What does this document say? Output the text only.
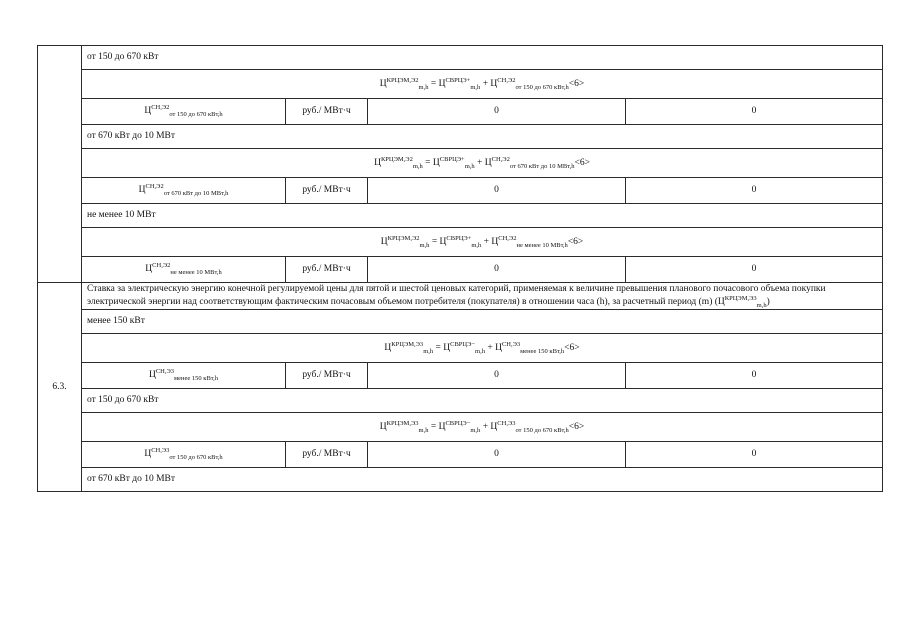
	от 150 до 670 кВт			
	$Ц^{КРЦЭМ,Э2}_{m,h} = Ц^{СВРЦЭ+}_{m,h} + Ц^{СН,Э2}_{от 150 до 670 кВт,h}<6>$			
	$Ц^{СН,Э2}_{от 150 до 670 кВт,h}$	руб./ МВт·ч	0	0
	от 670 кВт до 10 МВт			
	$Ц^{КРЦЭМ,Э2}_{m,h} = Ц^{СВРЦЭ+}_{m,h} + Ц^{СН,Э2}_{от 670 кВт до 10 МВт,h}<6>$			
	$Ц^{СН,Э2}_{от 670 кВт до 10 МВт,h}$	руб./ МВт·ч	0	0
	не менее 10 МВт			
	$Ц^{КРЦЭМ,Э2}_{m,h} = Ц^{СВРЦЭ+}_{m,h} + Ц^{СН,Э2}_{не менее 10 МВт,h}<6>$			
	$Ц^{СН,Э2}_{не менее 10 МВт,h}$	руб./ МВт·ч	0	0
6.3.	Ставка за электрическую энергию конечной регулируемой цены для пятой и шестой ценовых категорий, применяемая к величине превышения планового почасового объема покупки электрической энергии над соответствующим фактическим почасовым объемом потребителя (покупателя) в отношении часа (h), за расчетный период (m) $(Ц^{КРЦЭМ,Э3}_{m,h})$			
	менее 150 кВт			
	$Ц^{КРЦЭМ,Э3}_{m,h} = Ц^{СВРЦЭ-}_{m,h} + Ц^{СН,Э3}_{менее 150 кВт,h}<6>$			
	$Ц^{СН,Э3}_{менее 150 кВт,h}$	руб./ МВт·ч	0	0
	от 150 до 670 кВт			
	$Ц^{КРЦЭМ,Э3}_{m,h} = Ц^{СВРЦЭ-}_{m,h} + Ц^{СН,Э3}_{от 150 до 670 кВт,h}<6>$			
	$Ц^{СН,Э3}_{от 150 до 670 кВт,h}$	руб./ МВт·ч	0	0
	от 670 кВт до 10 МВт			
